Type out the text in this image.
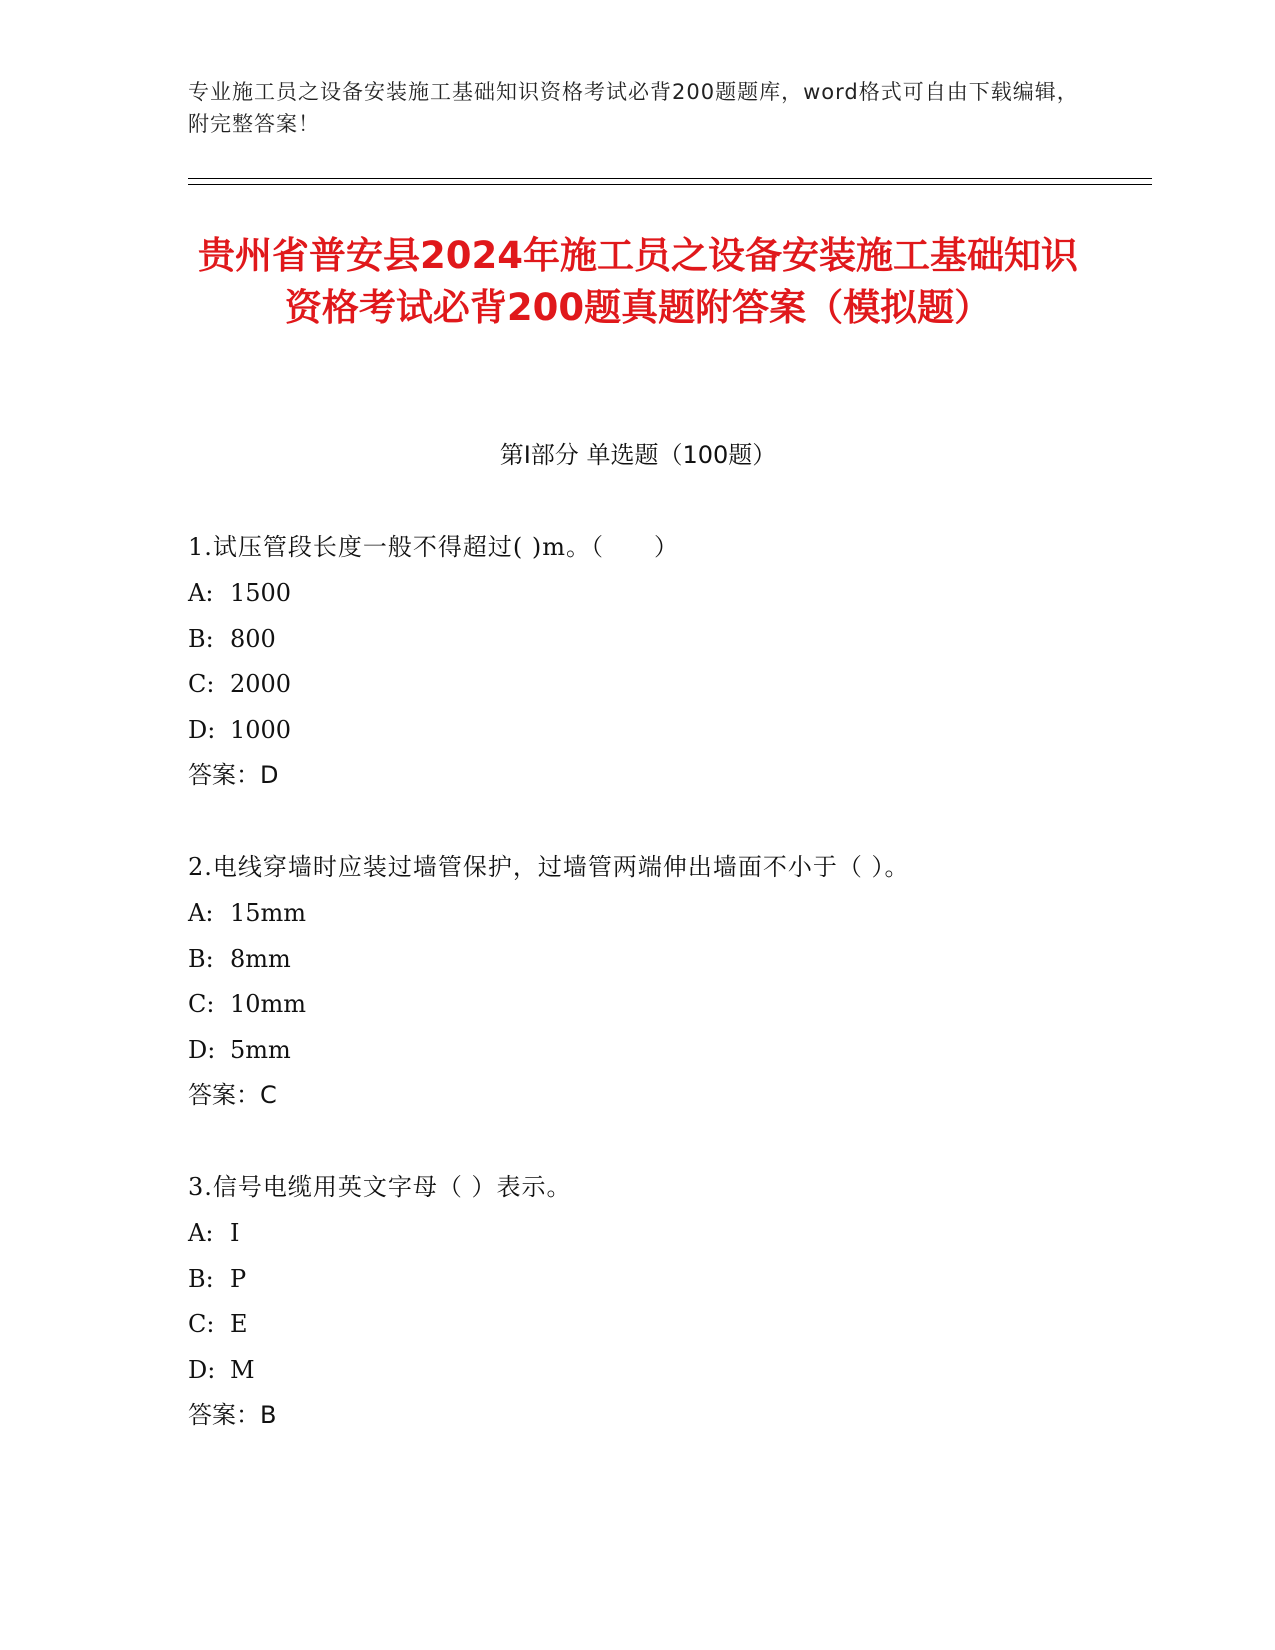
专业施工员之设备安装施工基础知识资格考试必背200题题库，word格式可自由下载编辑，附完整答案！
贵州省普安县2024年施工员之设备安装施工基础知识资格考试必背200题真题附答案（模拟题）
第Ⅰ部分 单选题（100题）
1.试压管段长度一般不得超过( )m。（　　）
A: 1500
B: 800
C: 2000
D: 1000
答案：D
2.电线穿墙时应装过墙管保护，过墙管两端伸出墙面不小于（ ）。
A: 15mm
B: 8mm
C: 10mm
D: 5mm
答案：C
3.信号电缆用英文字母（ ）表示。
A: I
B: P
C: E
D: M
答案：B
